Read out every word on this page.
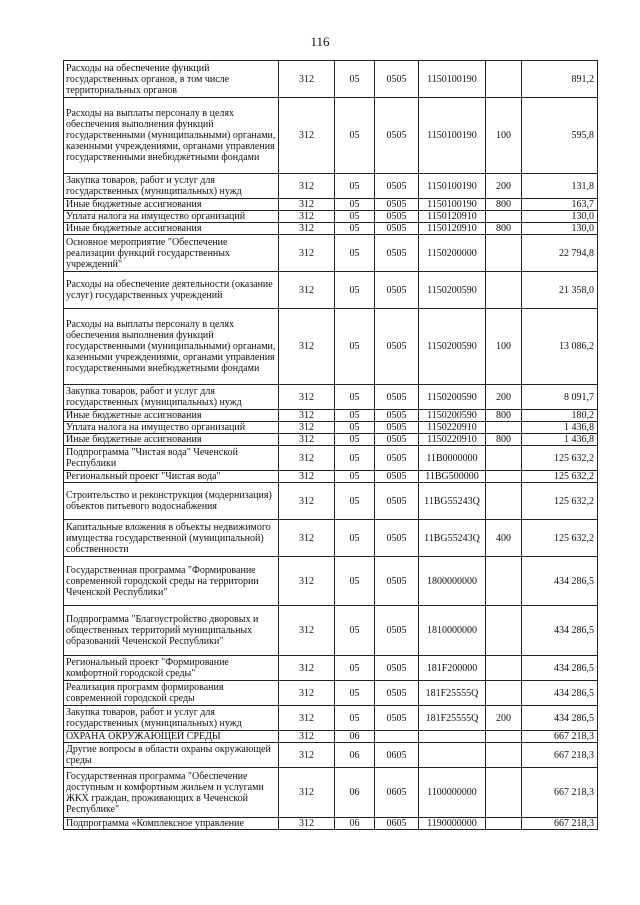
116
Расходы на обеспечение функций государственных органов, в том числе территориальных органов	312	05	0505	1150100190		891,2
Расходы на выплаты персоналу в целях обеспечения выполнения функций государственными (муниципальными) органами, казенными учреждениями, органами управления государственными внебюджетными фондами	312	05	0505	1150100190	100	595,8
Закупка товаров, работ и услуг для государственных (муниципальных) нужд	312	05	0505	1150100190	200	131,8
Иные бюджетные ассигнования	312	05	0505	1150100190	800	163,7
Уплата налога на имущество организаций	312	05	0505	1150120910		130,0
Иные бюджетные ассигнования	312	05	0505	1150120910	800	130,0
Основное мероприятие "Обеспечение реализации функций государственных учреждений"	312	05	0505	1150200000		22 794,8
Расходы на обеспечение деятельности (оказание услуг) государственных учреждений	312	05	0505	1150200590		21 358,0
Расходы на выплаты персоналу в целях обеспечения выполнения функций государственными (муниципальными) органами, казенными учреждениями, органами управления государственными внебюджетными фондами	312	05	0505	1150200590	100	13 086,2
Закупка товаров, работ и услуг для государственных (муниципальных) нужд	312	05	0505	1150200590	200	8 091,7
Иные бюджетные ассигнования	312	05	0505	1150200590	800	180,2
Уплата налога на имущество организаций	312	05	0505	1150220910		1 436,8
Иные бюджетные ассигнования	312	05	0505	1150220910	800	1 436,8
Подпрограмма "Чистая вода" Чеченской Республики	312	05	0505	11B0000000		125 632,2
Региональный проект "Чистая вода"	312	05	0505	11BG500000		125 632,2
Строительство и реконструкция (модернизация) объектов питьевого водоснабжения	312	05	0505	11BG55243Q		125 632,2
Капитальные вложения в объекты недвижимого имущества государственной (муниципальной) собственности	312	05	0505	11BG55243Q	400	125 632,2
Государственная программа "Формирование современной городской среды на территории Чеченской Республики"	312	05	0505	1800000000		434 286,5
Подпрограмма "Благоустройство дворовых и общественных территорий муниципальных образований Чеченской Республики"	312	05	0505	1810000000		434 286,5
Региональный проект "Формирование комфортной городской среды"	312	05	0505	181F200000		434 286,5
Реализация программ формирования современной городской среды	312	05	0505	181F25555Q		434 286,5
Закупка товаров, работ и услуг для государственных (муниципальных) нужд	312	05	0505	181F25555Q	200	434 286,5
ОХРАНА ОКРУЖАЮЩЕЙ СРЕДЫ	312	06				667 218,3
Другие вопросы в области охраны окружающей среды	312	06	0605			667 218,3
Государственная программа "Обеспечение доступным и комфортным жильем и услугами ЖКХ граждан, проживающих в Чеченской Республике"	312	06	0605	1100000000		667 218,3
Подпрограмма «Комплексное управление	312	06	0605	1190000000		667 218,3
